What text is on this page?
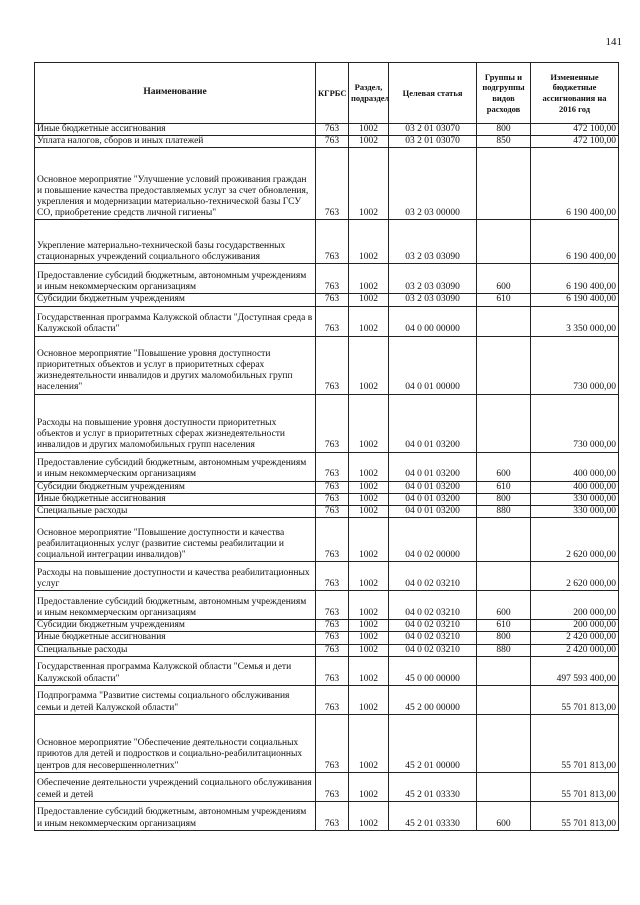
141
Наименование	КГРБС	Раздел, подраздел	Целевая статья	Группы и подгруппы видов расходов	Измененные бюджетные ассигнования на 2016 год
Иные бюджетные ассигнования	763	1002	03 2 01 03070	800	472 100,00
Уплата налогов, сборов и иных платежей	763	1002	03 2 01 03070	850	472 100,00
Основное мероприятие "Улучшение условий проживания граждан и повышение качества предоставляемых услуг за счет обновления, укрепления и модернизации материально-технической базы ГСУ СО, приобретение средств личной гигиены"	763	1002	03 2 03 00000		6 190 400,00
Укрепление материально-технической базы государственных стационарных учреждений социального обслуживания	763	1002	03 2 03 03090		6 190 400,00
Предоставление субсидий бюджетным, автономным учреждениям и иным некоммерческим организациям	763	1002	03 2 03 03090	600	6 190 400,00
Субсидии бюджетным учреждениям	763	1002	03 2 03 03090	610	6 190 400,00
Государственная программа Калужской области "Доступная среда в Калужской области"	763	1002	04 0 00 00000		3 350 000,00
Основное мероприятие "Повышение уровня доступности приоритетных объектов и услуг в приоритетных сферах жизнедеятельности инвалидов и других маломобильных групп населения"	763	1002	04 0 01 00000		730 000,00
Расходы на повышение уровня доступности приоритетных объектов и услуг в приоритетных сферах жизнедеятельности инвалидов и других маломобильных групп населения	763	1002	04 0 01 03200		730 000,00
Предоставление субсидий бюджетным, автономным учреждениям и иным некоммерческим организациям	763	1002	04 0 01 03200	600	400 000,00
Субсидии бюджетным учреждениям	763	1002	04 0 01 03200	610	400 000,00
Иные бюджетные ассигнования	763	1002	04 0 01 03200	800	330 000,00
Специальные расходы	763	1002	04 0 01 03200	880	330 000,00
Основное мероприятие "Повышение доступности и качества реабилитационных услуг (развитие системы реабилитации и социальной интеграции инвалидов)"	763	1002	04 0 02 00000		2 620 000,00
Расходы на повышение доступности и качества реабилитационных услуг	763	1002	04 0 02 03210		2 620 000,00
Предоставление субсидий бюджетным, автономным учреждениям и иным некоммерческим организациям	763	1002	04 0 02 03210	600	200 000,00
Субсидии бюджетным учреждениям	763	1002	04 0 02 03210	610	200 000,00
Иные бюджетные ассигнования	763	1002	04 0 02 03210	800	2 420 000,00
Специальные расходы	763	1002	04 0 02 03210	880	2 420 000,00
Государственная программа Калужской области "Семья и дети Калужской области"	763	1002	45 0 00 00000		497 593 400,00
Подпрограмма "Развитие системы социального обслуживания семьи и детей Калужской области"	763	1002	45 2 00 00000		55 701 813,00
Основное мероприятие "Обеспечение деятельности социальных приютов для детей и подростков и социально-реабилитационных центров для несовершеннолетних"	763	1002	45 2 01 00000		55 701 813,00
Обеспечение деятельности учреждений социального обслуживания семей и детей	763	1002	45 2 01 03330		55 701 813,00
Предоставление субсидий бюджетным, автономным учреждениям и иным некоммерческим организациям	763	1002	45 2 01 03330	600	55 701 813,00
